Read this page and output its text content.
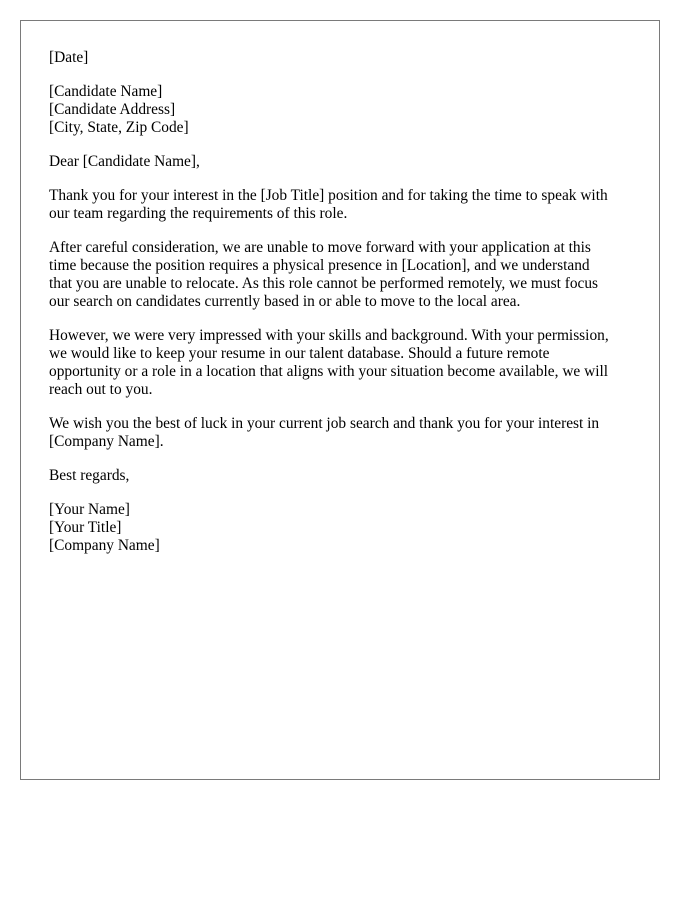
[Date]
[Candidate Name]
[Candidate Address]
[City, State, Zip Code]
Dear [Candidate Name],
Thank you for your interest in the [Job Title] position and for taking the time to speak with
our team regarding the requirements of this role.
After careful consideration, we are unable to move forward with your application at this
time because the position requires a physical presence in [Location], and we understand
that you are unable to relocate. As this role cannot be performed remotely, we must focus
our search on candidates currently based in or able to move to the local area.
However, we were very impressed with your skills and background. With your permission,
we would like to keep your resume in our talent database. Should a future remote
opportunity or a role in a location that aligns with your situation become available, we will
reach out to you.
We wish you the best of luck in your current job search and thank you for your interest in
[Company Name].
Best regards,
[Your Name]
[Your Title]
[Company Name]
